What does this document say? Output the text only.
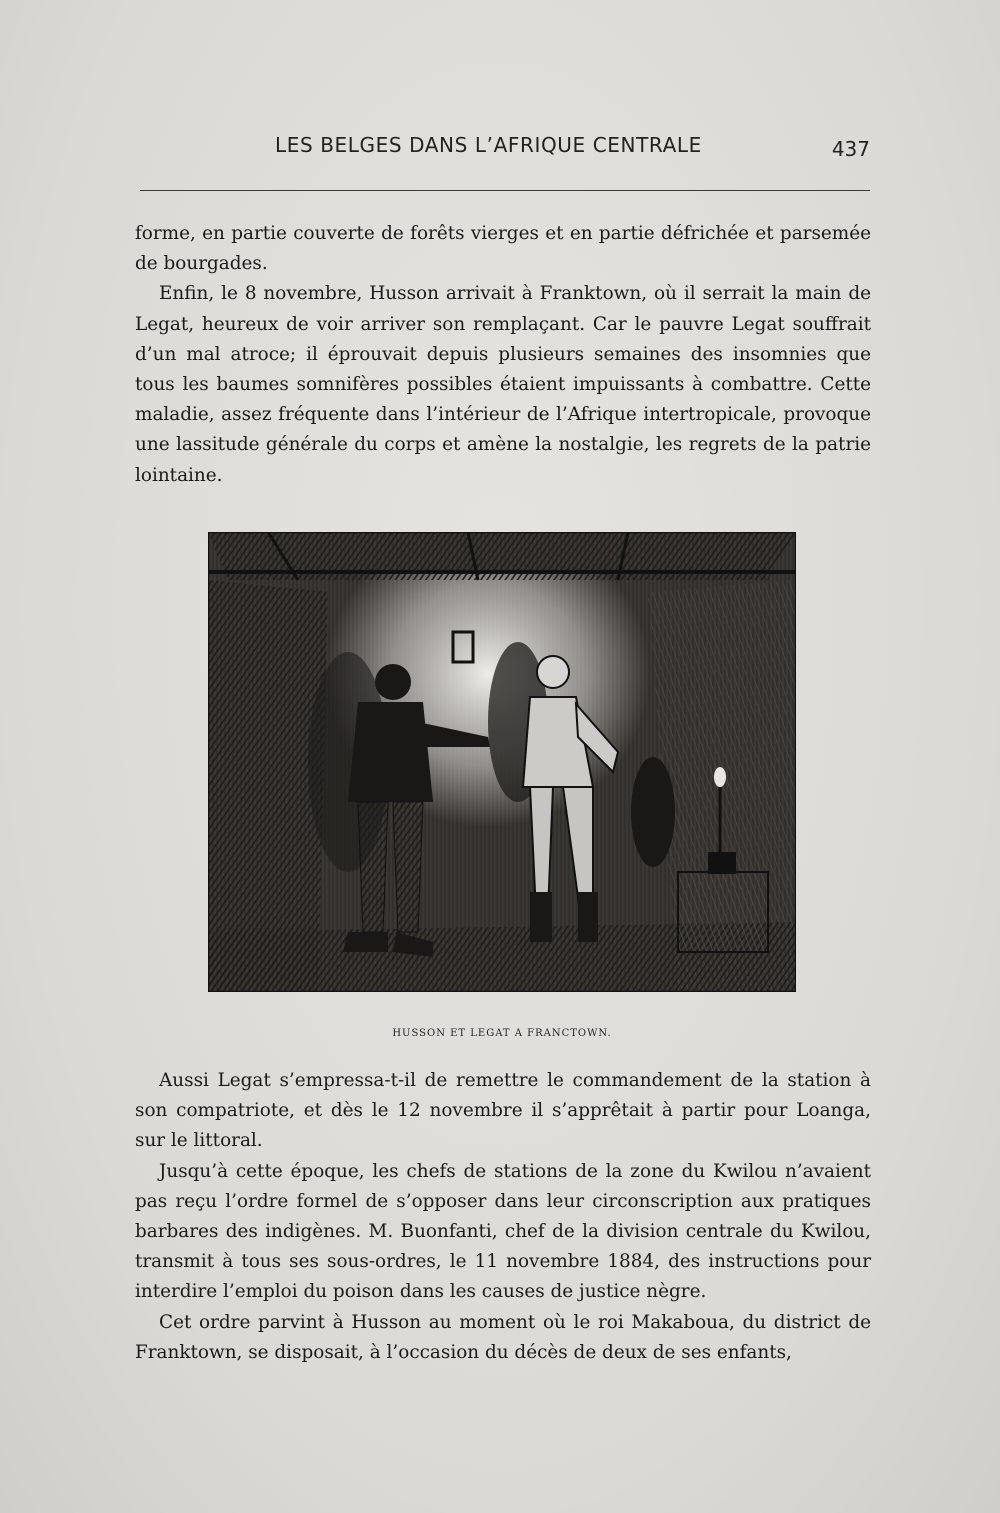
LES BELGES DANS L’AFRIQUE CENTRALE	437

forme, en partie couverte de forêts vierges et en partie défrichée et parsemée de bourgades.

Enfin, le 8 novembre, Husson arrivait à Franktown, où il serrait la main de Legat, heureux de voir arriver son remplaçant. Car le pauvre Legat souffrait d’un mal atroce; il éprouvait depuis plusieurs semaines des insomnies que tous les baumes somnifères possibles étaient impuissants à combattre. Cette maladie, assez fréquente dans l’intérieur de l’Afrique intertropicale, provoque une lassitude générale du corps et amène la nostalgie, les regrets de la patrie lointaine.

HUSSON ET LEGAT A FRANCTOWN.

Aussi Legat s’empressa-t-il de remettre le commandement de la station à son compatriote, et dès le 12 novembre il s’apprêtait à partir pour Loanga, sur le littoral.

Jusqu’à cette époque, les chefs de stations de la zone du Kwilou n’avaient pas reçu l’ordre formel de s’opposer dans leur circonscription aux pratiques barbares des indigènes. M. Buonfanti, chef de la division centrale du Kwilou, transmit à tous ses sous-ordres, le 11 novembre 1884, des instructions pour interdire l’emploi du poison dans les causes de justice nègre.

Cet ordre parvint à Husson au moment où le roi Makaboua, du district de Franktown, se disposait, à l’occasion du décès de deux de ses enfants,
